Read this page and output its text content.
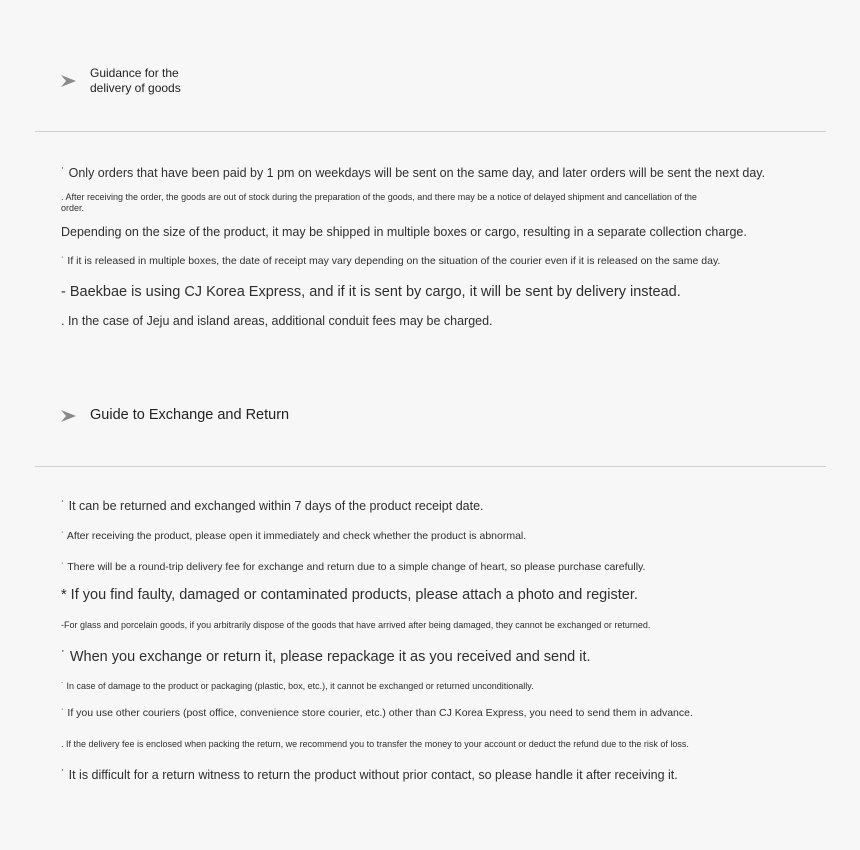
Guidance for the
delivery of goods
˙ Only orders that have been paid by 1 pm on weekdays will be sent on the same day, and later orders will be sent the next day.
. After receiving the order, the goods are out of stock during the preparation of the goods, and there may be a notice of delayed shipment and cancellation of the order.
Depending on the size of the product, it may be shipped in multiple boxes or cargo, resulting in a separate collection charge.
˙ If it is released in multiple boxes, the date of receipt may vary depending on the situation of the courier even if it is released on the same day.
- Baekbae is using CJ Korea Express, and if it is sent by cargo, it will be sent by delivery instead.
. In the case of Jeju and island areas, additional conduit fees may be charged.
Guide to Exchange and Return
˙ It can be returned and exchanged within 7 days of the product receipt date.
˙ After receiving the product, please open it immediately and check whether the product is abnormal.
˙ There will be a round-trip delivery fee for exchange and return due to a simple change of heart, so please purchase carefully.
* If you find faulty, damaged or contaminated products, please attach a photo and register.
-For glass and porcelain goods, if you arbitrarily dispose of the goods that have arrived after being damaged, they cannot be exchanged or returned.
˙ When you exchange or return it, please repackage it as you received and send it.
˙ In case of damage to the product or packaging (plastic, box, etc.), it cannot be exchanged or returned unconditionally.
˙ If you use other couriers (post office, convenience store courier, etc.) other than CJ Korea Express, you need to send them in advance.
. If the delivery fee is enclosed when packing the return, we recommend you to transfer the money to your account or deduct the refund due to the risk of loss.
˙ It is difficult for a return witness to return the product without prior contact, so please handle it after receiving it.
